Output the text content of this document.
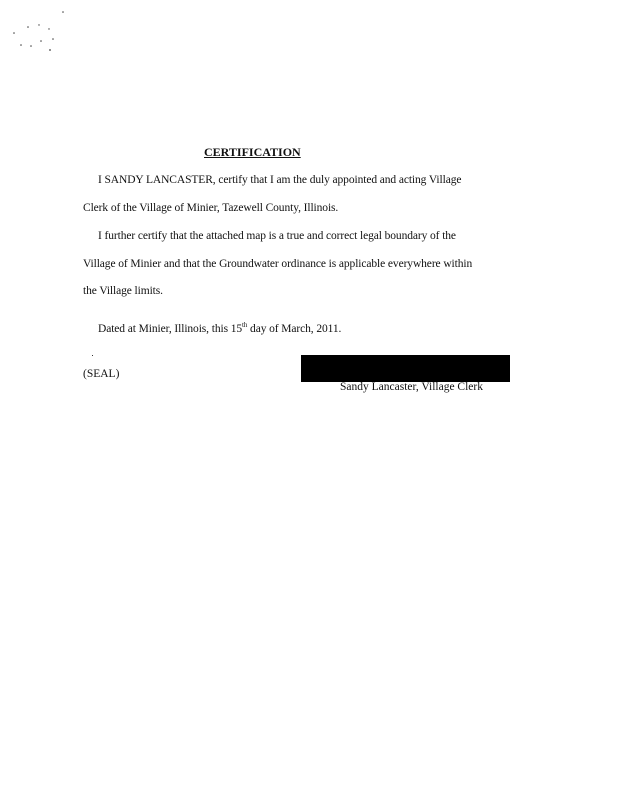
CERTIFICATION
I SANDY LANCASTER, certify that I am the duly appointed and acting Village
Clerk of the Village of Minier, Tazewell County, Illinois.
I further certify that the attached map is a true and correct legal boundary of the
Village of Minier and that the Groundwater ordinance is applicable everywhere within
the Village limits.
Dated at Minier, Illinois, this 15th day of March, 2011.
(SEAL)
Sandy Lancaster, Village Clerk
